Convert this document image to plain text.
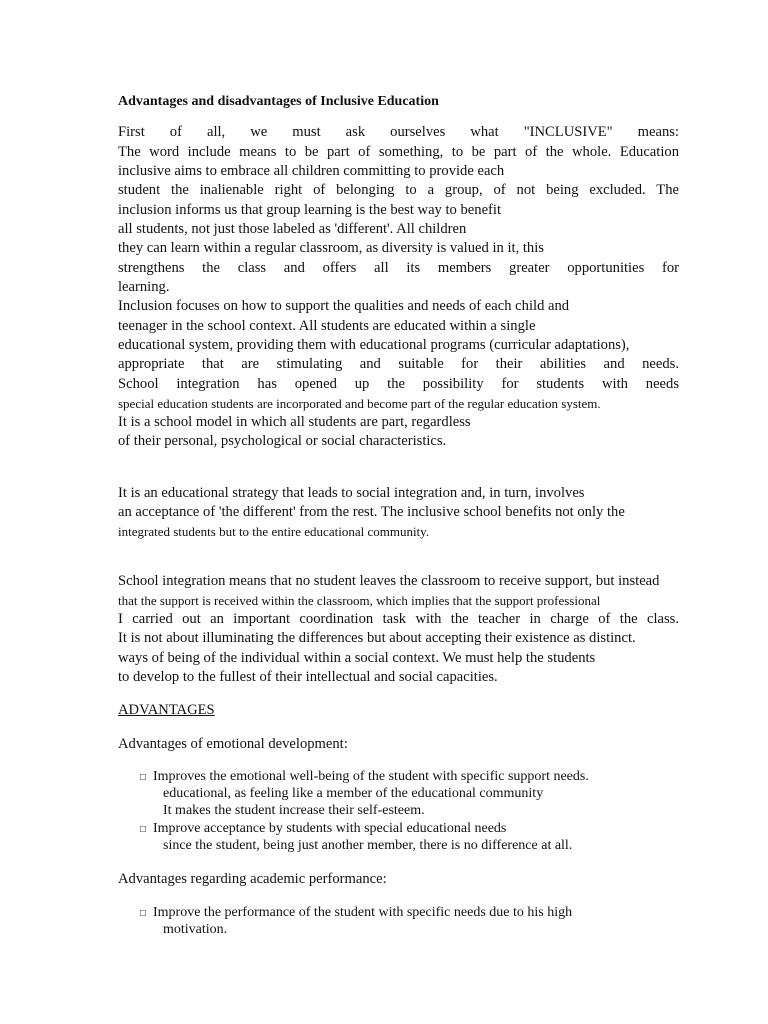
Advantages and disadvantages of Inclusive Education
First of all, we must ask ourselves what "INCLUSIVE" means:
The word include means to be part of something, to be part of the whole. Education
inclusive aims to embrace all children committing to provide each
student the inalienable right of belonging to a group, of not being excluded. The
inclusion informs us that group learning is the best way to benefit
all students, not just those labeled as 'different'. All children
they can learn within a regular classroom, as diversity is valued in it, this
strengthens the class and offers all its members greater opportunities for
learning.
Inclusion focuses on how to support the qualities and needs of each child and
teenager in the school context. All students are educated within a single
educational system, providing them with educational programs (curricular adaptations),
appropriate that are stimulating and suitable for their abilities and needs.
School integration has opened up the possibility for students with needs
special education students are incorporated and become part of the regular education system.
It is a school model in which all students are part, regardless
of their personal, psychological or social characteristics.
It is an educational strategy that leads to social integration and, in turn, involves
an acceptance of 'the different' from the rest. The inclusive school benefits not only the
integrated students but to the entire educational community.
School integration means that no student leaves the classroom to receive support, but instead
that the support is received within the classroom, which implies that the support professional
I carried out an important coordination task with the teacher in charge of the class.
It is not about illuminating the differences but about accepting their existence as distinct.
ways of being of the individual within a social context. We must help the students
to develop to the fullest of their intellectual and social capacities.
ADVANTAGES
Advantages of emotional development:
□ Improves the emotional well-being of the student with specific support needs.
educational, as feeling like a member of the educational community
It makes the student increase their self-esteem.
□ Improve acceptance by students with special educational needs
since the student, being just another member, there is no difference at all.
Advantages regarding academic performance:
□ Improve the performance of the student with specific needs due to his high
motivation.
